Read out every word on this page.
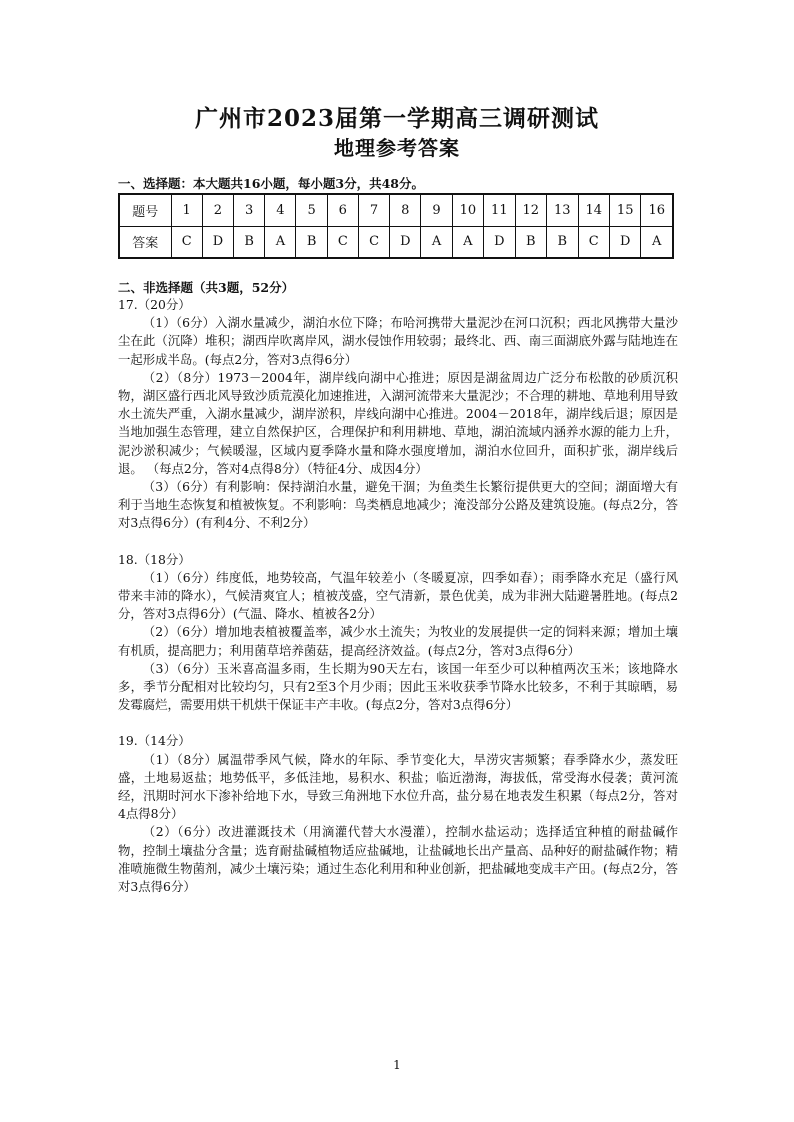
广州市2023届第一学期高三调研测试
地理参考答案
一、选择题：本大题共16小题，每小题3分，共48分。
题号	1	2	3	4	5	6	7	8	9	10	11	12	13	14	15	16
答案	C	D	B	A	B	C	C	D	A	A	D	B	B	C	D	A
二、非选择题（共3题，52分）

17.（20分）

（1）（6分）入湖水量减少，湖泊水位下降；布哈河携带大量泥沙在河口沉积；西北风携带大量沙尘在此（沉降）堆积；湖西岸吹离岸风，湖水侵蚀作用较弱；最终北、西、南三面湖底外露与陆地连在一起形成半岛。(每点2分，答对3点得6分）

（2）（8分）1973－2004年，湖岸线向湖中心推进；原因是湖盆周边广泛分布松散的砂质沉积物，湖区盛行西北风导致沙质荒漠化加速推进，入湖河流带来大量泥沙；不合理的耕地、草地利用导致水土流失严重，入湖水量减少，湖岸淤积，岸线向湖中心推进。2004－2018年，湖岸线后退；原因是当地加强生态管理，建立自然保护区，合理保护和利用耕地、草地，湖泊流域内涵养水源的能力上升，泥沙淤积减少；气候暖湿，区域内夏季降水量和降水强度增加，湖泊水位回升，面积扩张，湖岸线后退。 （每点2分，答对4点得8分）（特征4分、成因4分）

（3）（6分）有利影响：保持湖泊水量，避免干涸；为鱼类生长繁衍提供更大的空间；湖面增大有利于当地生态恢复和植被恢复。不利影响：鸟类栖息地减少；淹没部分公路及建筑设施。(每点2分，答对3点得6分）(有利4分、不利2分）

18.（18分）

（1）（6分）纬度低，地势较高，气温年较差小（冬暖夏凉，四季如春）；雨季降水充足（盛行风带来丰沛的降水），气候清爽宜人；植被茂盛，空气清新，景色优美，成为非洲大陆避暑胜地。(每点2分，答对3点得6分）(气温、降水、植被各2分）

（2）（6分）增加地表植被覆盖率，减少水土流失；为牧业的发展提供一定的饲料来源；增加土壤有机质，提高肥力；利用菌草培养菌菇，提高经济效益。(每点2分，答对3点得6分）

（3）（6分）玉米喜高温多雨，生长期为90天左右，该国一年至少可以种植两次玉米；该地降水多，季节分配相对比较均匀，只有2至3个月少雨；因此玉米收获季节降水比较多，不利于其晾晒，易发霉腐烂，需要用烘干机烘干保证丰产丰收。(每点2分，答对3点得6分）

19.（14分）

（1）（8分）属温带季风气候，降水的年际、季节变化大，旱涝灾害频繁；春季降水少，蒸发旺盛，土地易返盐；地势低平，多低洼地，易积水、积盐；临近渤海，海拔低，常受海水侵袭；黄河流经，汛期时河水下渗补给地下水，导致三角洲地下水位升高，盐分易在地表发生积累（每点2分，答对4点得8分）

（2）（6分）改进灌溉技术（用滴灌代替大水漫灌），控制水盐运动；选择适宜种植的耐盐碱作物，控制土壤盐分含量；选育耐盐碱植物适应盐碱地，让盐碱地长出产量高、品种好的耐盐碱作物；精准喷施微生物菌剂，减少土壤污染；通过生态化利用和种业创新，把盐碱地变成丰产田。(每点2分，答对3点得6分）

1
